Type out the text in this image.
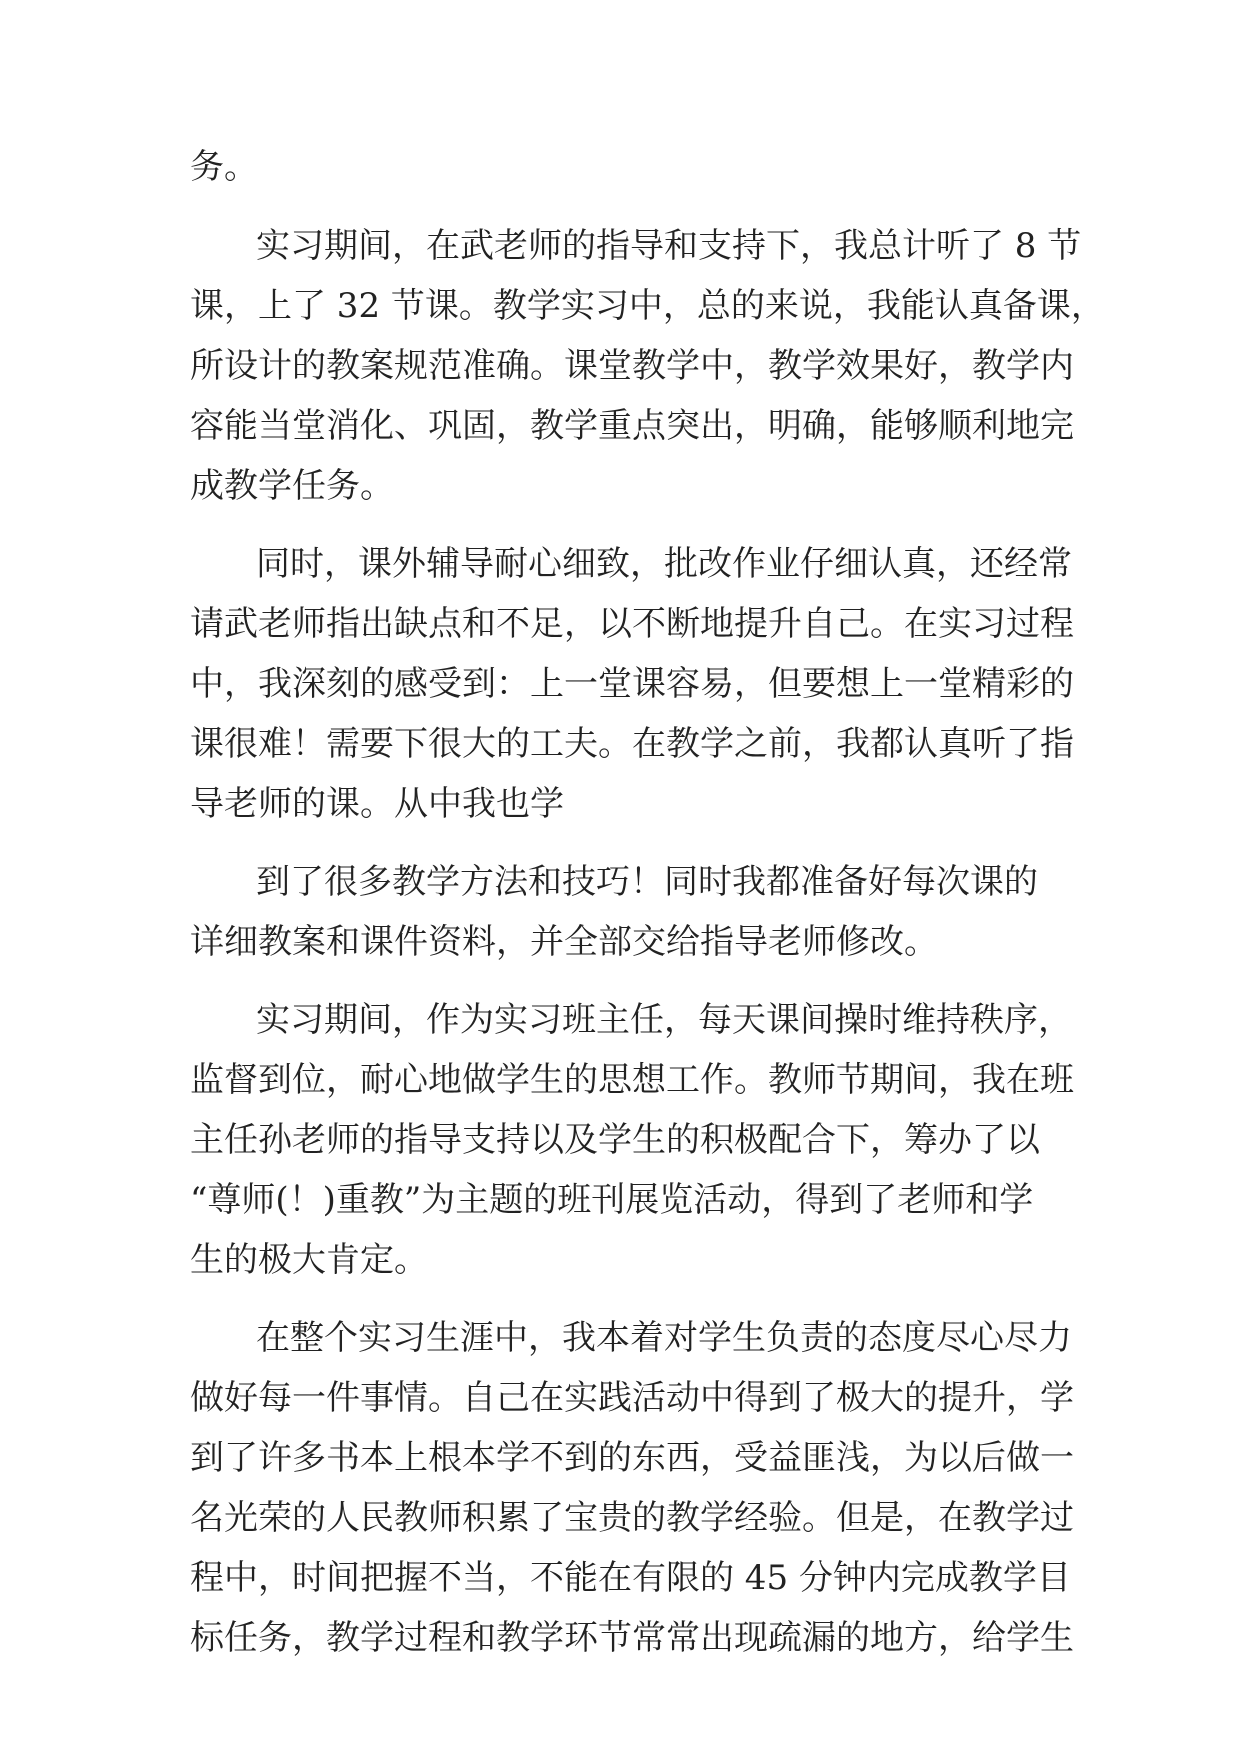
务。
实习期间，在武老师的指导和支持下，我总计听了 8 节
课，上了 32 节课。教学实习中，总的来说，我能认真备课，
所设计的教案规范准确。课堂教学中，教学效果好，教学内
容能当堂消化、巩固，教学重点突出，明确，能够顺利地完
成教学任务。
同时，课外辅导耐心细致，批改作业仔细认真，还经常
请武老师指出缺点和不足，以不断地提升自己。在实习过程
中，我深刻的感受到：上一堂课容易，但要想上一堂精彩的
课很难！需要下很大的工夫。在教学之前，我都认真听了指
导老师的课。从中我也学
到了很多教学方法和技巧！同时我都准备好每次课的
详细教案和课件资料，并全部交给指导老师修改。
实习期间，作为实习班主任，每天课间操时维持秩序，
监督到位，耐心地做学生的思想工作。教师节期间，我在班
主任孙老师的指导支持以及学生的积极配合下，筹办了以
“尊师(！)重教”为主题的班刊展览活动，得到了老师和学
生的极大肯定。
在整个实习生涯中，我本着对学生负责的态度尽心尽力
做好每一件事情。自己在实践活动中得到了极大的提升，学
到了许多书本上根本学不到的东西，受益匪浅，为以后做一
名光荣的人民教师积累了宝贵的教学经验。但是，在教学过
程中，时间把握不当，不能在有限的 45 分钟内完成教学目
标任务，教学过程和教学环节常常出现疏漏的地方，给学生
